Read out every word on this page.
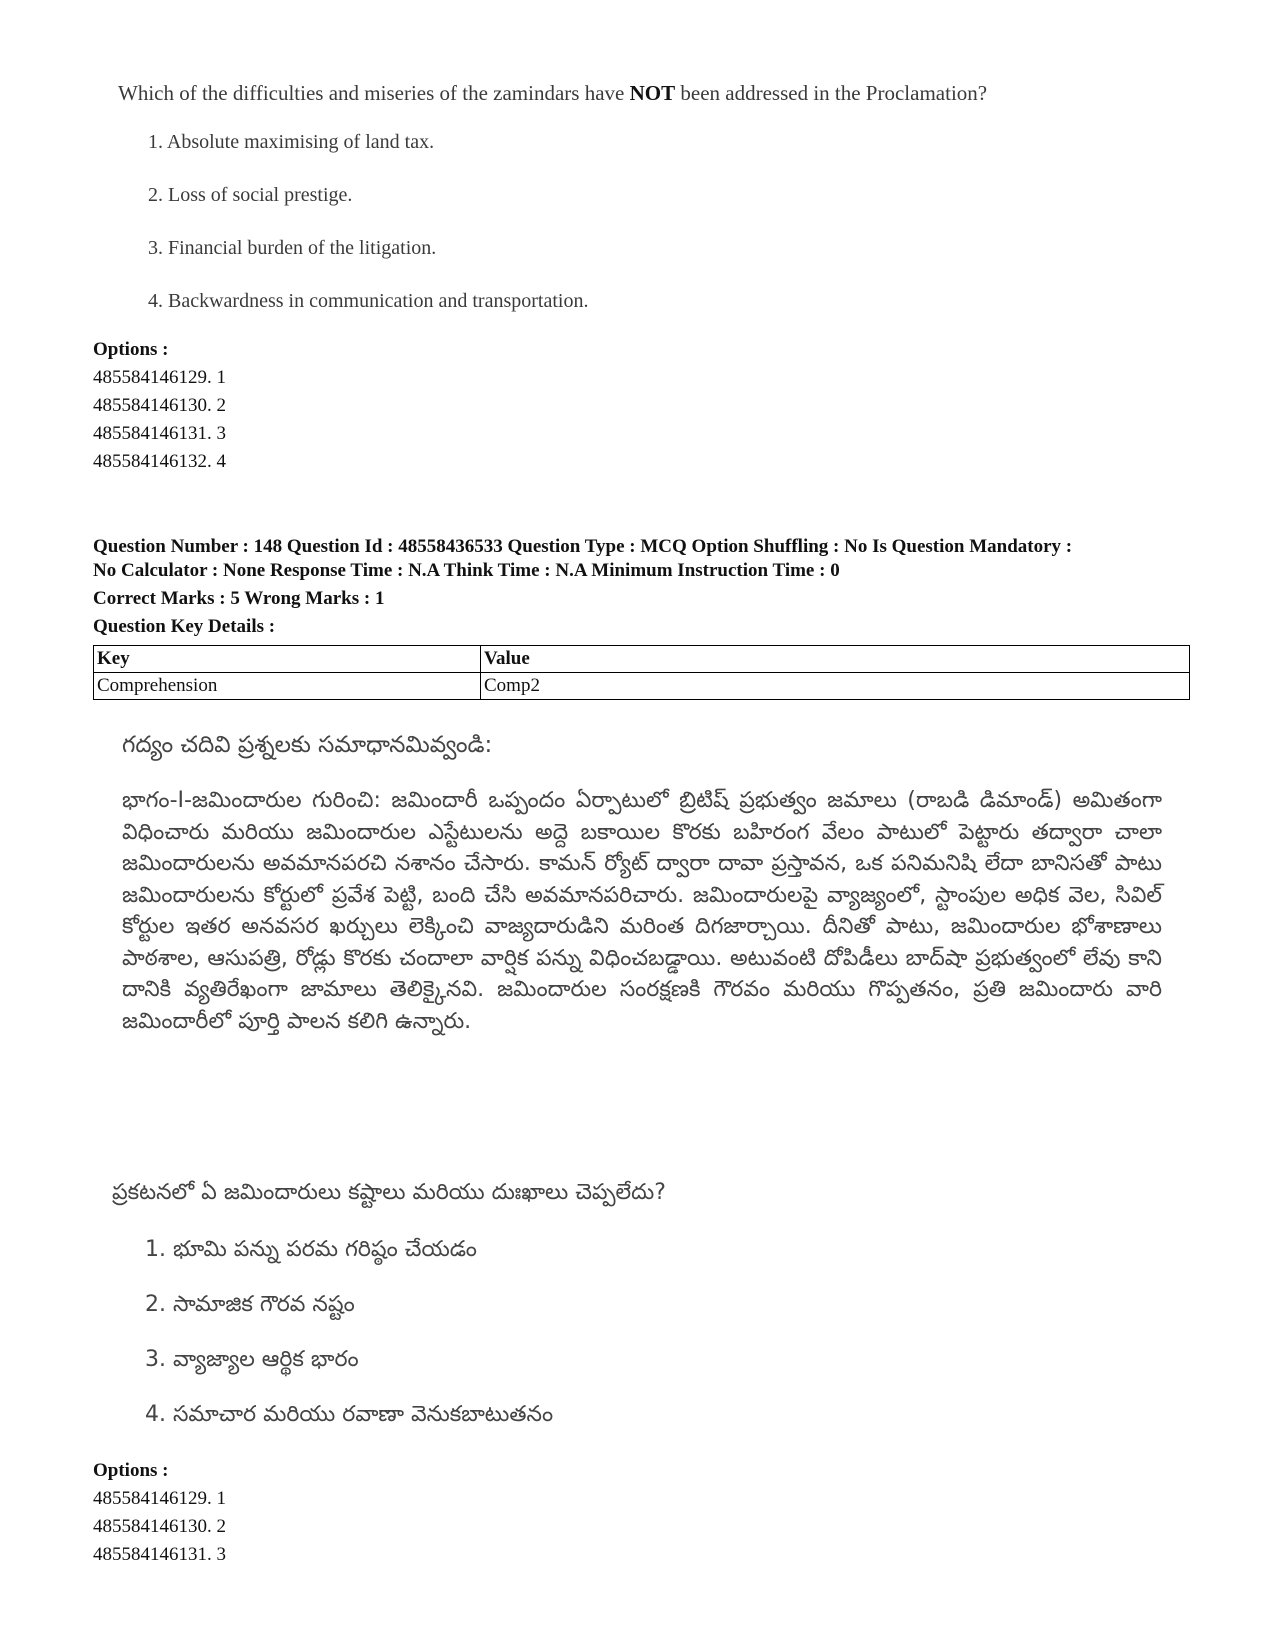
Which of the difficulties and miseries of the zamindars have NOT been addressed in the Proclamation?

1. Absolute maximising of land tax.

2. Loss of social prestige.

3. Financial burden of the litigation.

4. Backwardness in communication and transportation.

Options :
485584146129. 1
485584146130. 2
485584146131. 3
485584146132. 4
Question Number : 148 Question Id : 48558436533 Question Type : MCQ Option Shuffling : No Is Question Mandatory :
No Calculator : None Response Time : N.A Think Time : N.A Minimum Instruction Time : 0
Correct Marks : 5 Wrong Marks : 1
Question Key Details :
Key	Value
Comprehension	Comp2
గద్యం చదివి ప్రశ్నలకు సమాధానమివ్వండి:
భాగం-I-జమిందారుల గురించి: జమిందారీ ఒప్పందం ఏర్పాటులో బ్రిటిష్ ప్రభుత్వం జమాలు (రాబడి డిమాండ్) అమితంగా విధించారు మరియు జమిందారుల ఎస్టేటులను అద్దె బకాయిల కొరకు బహిరంగ వేలం పాటులో పెట్టారు తద్వారా చాలా జమిందారులను అవమానపరచి నశానం చేసారు. కామన్ ర్యోట్ ద్వారా దావా ప్రస్తావన, ఒక పనిమనిషి లేదా బానిసతో పాటు జమిందారులను కోర్టులో ప్రవేశ పెట్టి, బంది చేసి అవమానపరిచారు. జమిందారులపై వ్యాజ్యంలో, స్టాంపుల అధిక వెల, సివిల్ కోర్టుల ఇతర అనవసర ఖర్చులు లెక్కించి వాజ్యదారుడిని మరింత దిగజార్చాయి. దీనితో పాటు, జమిందారుల భోశాణాలు పాఠశాల, ఆసుపత్రి, రోడ్లు కొరకు చందాలా వార్షిక పన్ను విధించబడ్డాయి. అటువంటి దోపిడీలు బాద్‌షా ప్రభుత్వంలో లేవు కాని దానికి వ్యతిరేఖంగా జామాలు తెలిక్కైనవి. జమిందారుల సంరక్షణకి గౌరవం మరియు గొప్పతనం, ప్రతి జమిందారు వారి జమిందారీలో పూర్తి పాలన కలిగి ఉన్నారు.
ప్రకటనలో ఏ జమిందారులు కష్టాలు మరియు దుఃఖాలు చెప్పలేదు?
1. భూమి పన్ను పరమ గరిష్ఠం చేయడం
2. సామాజిక గౌరవ నష్టం
3. వ్యాజ్యాల ఆర్థిక భారం
4. సమాచార మరియు రవాణా వెనుకబాటుతనం
Options :
485584146129. 1
485584146130. 2
485584146131. 3
